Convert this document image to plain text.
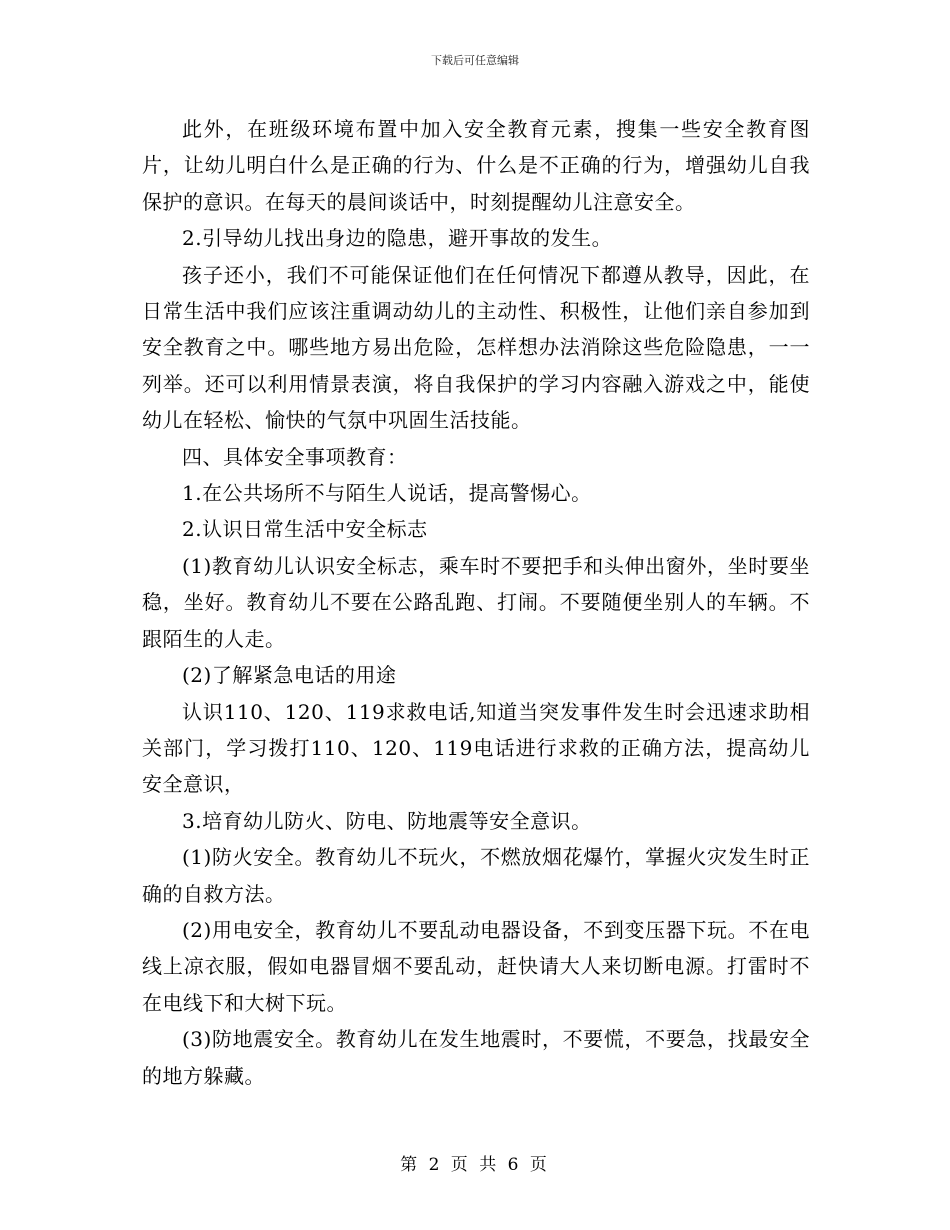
下载后可任意编辑

此外，在班级环境布置中加入安全教育元素，搜集一些安全教育图片，让幼儿明白什么是正确的行为、什么是不正确的行为，增强幼儿自我保护的意识。在每天的晨间谈话中，时刻提醒幼儿注意安全。

2.引导幼儿找出身边的隐患，避开事故的发生。

孩子还小，我们不可能保证他们在任何情况下都遵从教导，因此，在日常生活中我们应该注重调动幼儿的主动性、积极性，让他们亲自参加到安全教育之中。哪些地方易出危险，怎样想办法消除这些危险隐患，一一列举。还可以利用情景表演，将自我保护的学习内容融入游戏之中，能使幼儿在轻松、愉快的气氛中巩固生活技能。

四、具体安全事项教育：

1.在公共场所不与陌生人说话，提高警惕心。

2.认识日常生活中安全标志

(1)教育幼儿认识安全标志，乘车时不要把手和头伸出窗外，坐时要坐稳，坐好。教育幼儿不要在公路乱跑、打闹。不要随便坐别人的车辆。不跟陌生的人走。

(2)了解紧急电话的用途

认识110、120、119求救电话,知道当突发事件发生时会迅速求助相关部门，学习拨打110、120、119电话进行求救的正确方法，提高幼儿安全意识，

3.培育幼儿防火、防电、防地震等安全意识。

(1)防火安全。教育幼儿不玩火，不燃放烟花爆竹，掌握火灾发生时正确的自救方法。

(2)用电安全，教育幼儿不要乱动电器设备，不到变压器下玩。不在电线上凉衣服，假如电器冒烟不要乱动，赶快请大人来切断电源。打雷时不在电线下和大树下玩。

(3)防地震安全。教育幼儿在发生地震时，不要慌，不要急，找最安全的地方躲藏。

第 2 页 共 6 页
